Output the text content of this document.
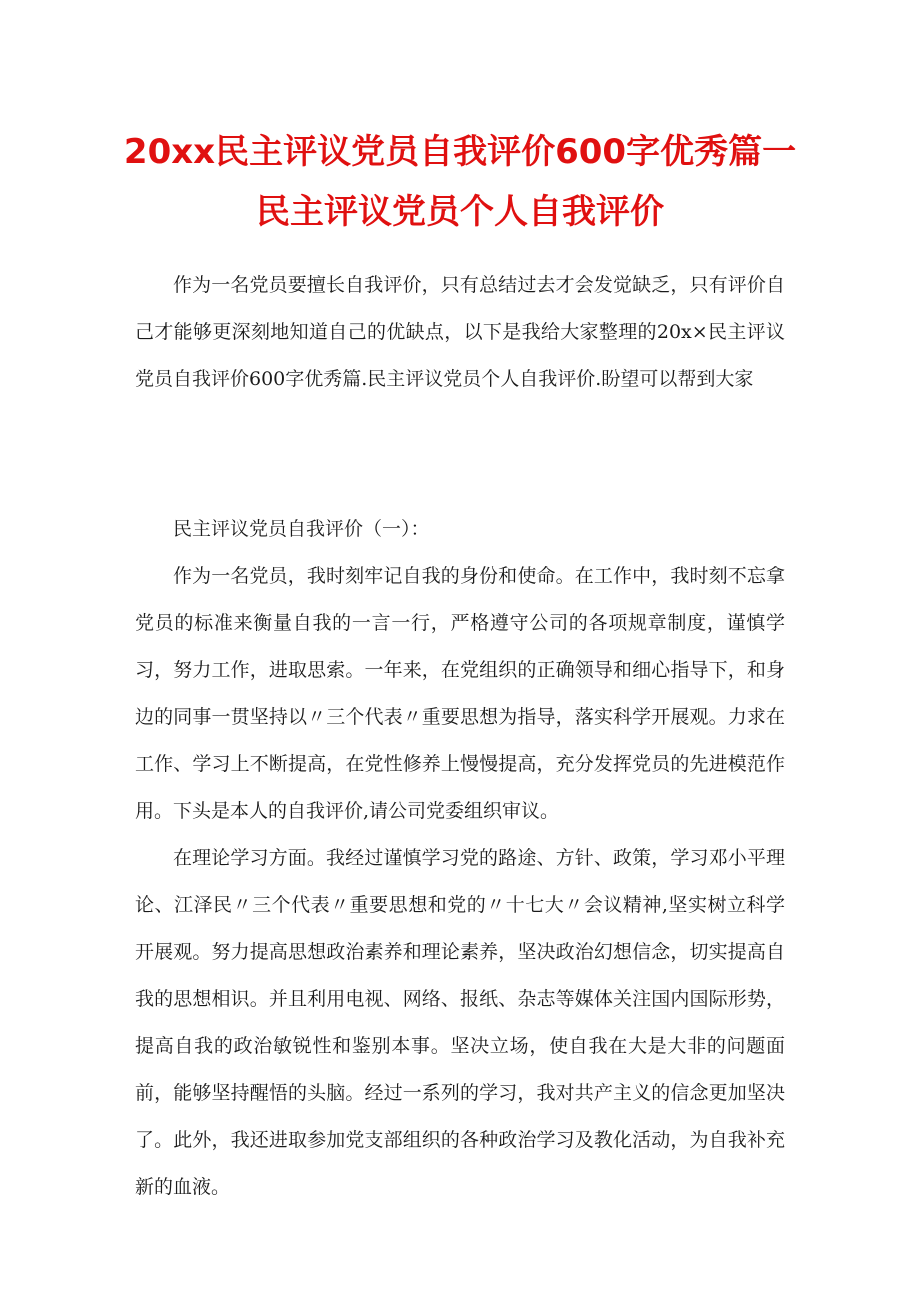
20xx民主评议党员自我评价600字优秀篇一
民主评议党员个人自我评价

作为一名党员要擅长自我评价，只有总结过去才会发觉缺乏，只有评价自己才能够更深刻地知道自己的优缺点，以下是我给大家整理的20x×民主评议党员自我评价600字优秀篇.民主评议党员个人自我评价.盼望可以帮到大家

民主评议党员自我评价（一）：

作为一名党员，我时刻牢记自我的身份和使命。在工作中，我时刻不忘拿党员的标准来衡量自我的一言一行，严格遵守公司的各项规章制度，谨慎学习，努力工作，进取思索。一年来，在党组织的正确领导和细心指导下，和身边的同事一贯坚持以〃三个代表〃重要思想为指导，落实科学开展观。力求在工作、学习上不断提高，在党性修养上慢慢提高，充分发挥党员的先进模范作用。下头是本人的自我评价,请公司党委组织审议。

在理论学习方面。我经过谨慎学习党的路途、方针、政策，学习邓小平理论、江泽民〃三个代表〃重要思想和党的〃十七大〃会议精神,坚实树立科学开展观。努力提高思想政治素养和理论素养，坚决政治幻想信念，切实提高自我的思想相识。并且利用电视、网络、报纸、杂志等媒体关注国内国际形势，提高自我的政治敏锐性和鉴别本事。坚决立场，使自我在大是大非的问题面前，能够坚持醒悟的头脑。经过一系列的学习，我对共产主义的信念更加坚决了。此外，我还进取参加党支部组织的各种政治学习及教化活动，为自我补充新的血液。
